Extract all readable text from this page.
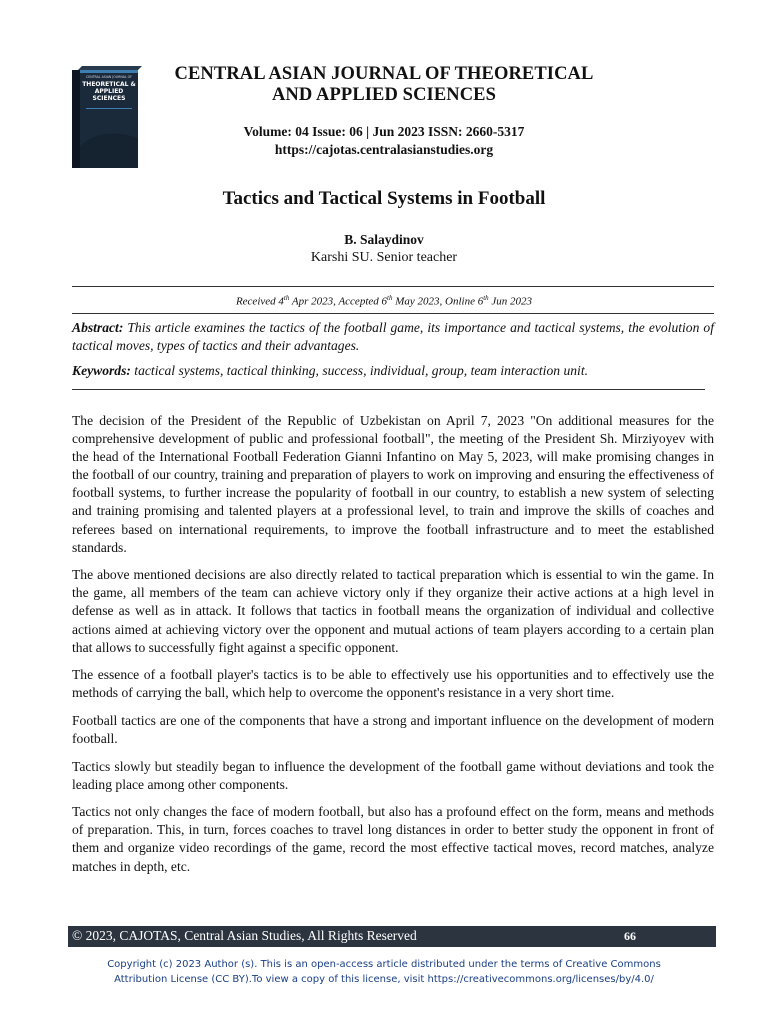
CENTRAL ASIAN JOURNAL OF
THEORETICAL &
APPLIED
SCIENCES
CENTRAL ASIAN JOURNAL OF THEORETICAL
AND APPLIED SCIENCES
Volume: 04 Issue: 06 | Jun 2023 ISSN: 2660-5317
https://cajotas.centralasianstudies.org
Tactics and Tactical Systems in Football
B. Salaydinov
Karshi SU. Senior teacher
Received 4th Apr 2023, Accepted 6th May 2023, Online 6th Jun 2023
Abstract: This article examines the tactics of the football game, its importance and tactical systems, the evolution of tactical moves, types of tactics and their advantages.
Keywords: tactical systems, tactical thinking, success, individual, group, team interaction unit.

The decision of the President of the Republic of Uzbekistan on April 7, 2023 "On additional measures for the comprehensive development of public and professional football", the meeting of the President Sh. Mirziyoyev with the head of the International Football Federation Gianni Infantino on May 5, 2023, will make promising changes in the football of our country, training and preparation of players to work on improving and ensuring the effectiveness of football systems, to further increase the popularity of football in our country, to establish a new system of selecting and training promising and talented players at a professional level, to train and improve the skills of coaches and referees based on international requirements, to improve the football infrastructure and to meet the established standards.

The above mentioned decisions are also directly related to tactical preparation which is essential to win the game. In the game, all members of the team can achieve victory only if they organize their active actions at a high level in defense as well as in attack. It follows that tactics in football means the organization of individual and collective actions aimed at achieving victory over the opponent and mutual actions of team players according to a certain plan that allows to successfully fight against a specific opponent.

The essence of a football player's tactics is to be able to effectively use his opportunities and to effectively use the methods of carrying the ball, which help to overcome the opponent's resistance in a very short time.

Football tactics are one of the components that have a strong and important influence on the development of modern football.

Tactics slowly but steadily began to influence the development of the football game without deviations and took the leading place among other components.

Tactics not only changes the face of modern football, but also has a profound effect on the form, means and methods of preparation. This, in turn, forces coaches to travel long distances in order to better study the opponent in front of them and organize video recordings of the game, record the most effective tactical moves, record matches, analyze matches in depth, etc.

© 2023, CAJOTAS, Central Asian Studies, All Rights Reserved	66
Copyright (c) 2023 Author (s). This is an open-access article distributed under the terms of Creative Commons
Attribution License (CC BY).To view a copy of this license, visit https://creativecommons.org/licenses/by/4.0/
